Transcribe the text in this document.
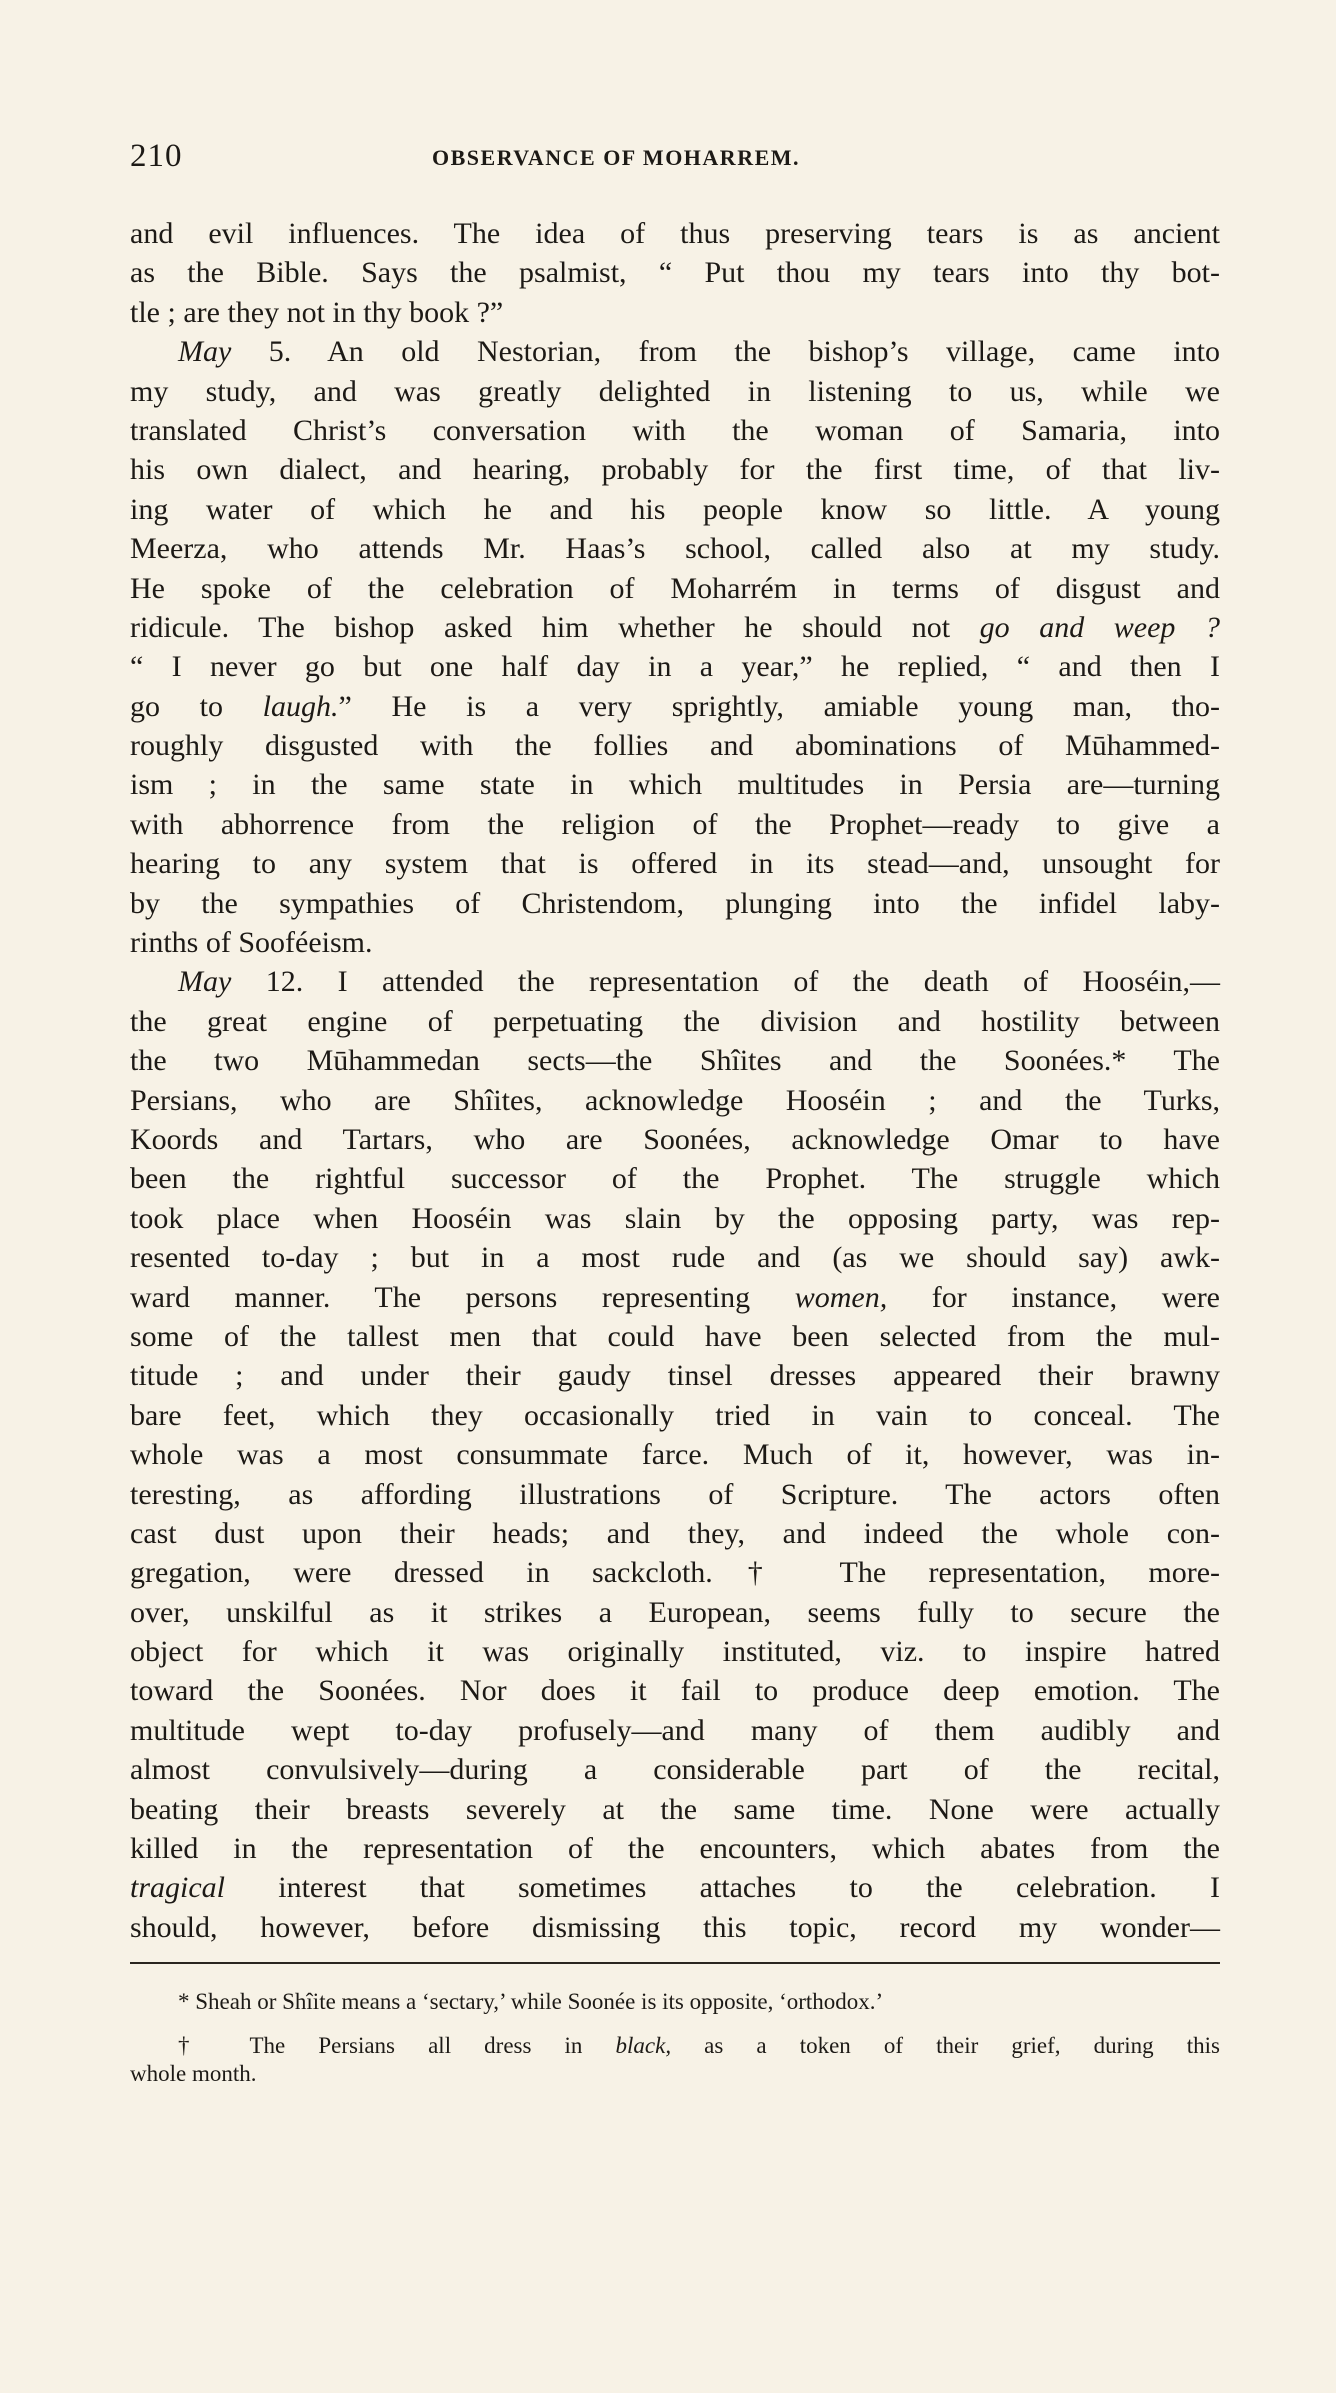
210	OBSERVANCE OF MOHARREM.
and evil influences. The idea of thus preserving tears is as ancient
as the Bible. Says the psalmist, “ Put thou my tears into thy bot-
tle ; are they not in thy book ?”
May 5. An old Nestorian, from the bishop’s village, came into
my study, and was greatly delighted in listening to us, while we
translated Christ’s conversation with the woman of Samaria, into
his own dialect, and hearing, probably for the first time, of that liv-
ing water of which he and his people know so little. A young
Meerza, who attends Mr. Haas’s school, called also at my study.
He spoke of the celebration of Moharrém in terms of disgust and
ridicule. The bishop asked him whether he should not go and weep ?
“ I never go but one half day in a year,” he replied, “ and then I
go to laugh.” He is a very sprightly, amiable young man, tho-
roughly disgusted with the follies and abominations of Mūhammed-
ism ; in the same state in which multitudes in Persia are—turning
with abhorrence from the religion of the Prophet—ready to give a
hearing to any system that is offered in its stead—and, unsought for
by the sympathies of Christendom, plunging into the infidel laby-
rinths of Sooféeism.
May 12. I attended the representation of the death of Hooséin,—
the great engine of perpetuating the division and hostility between
the two Mūhammedan sects—the Shîites and the Soonées.* The
Persians, who are Shîites, acknowledge Hooséin ; and the Turks,
Koords and Tartars, who are Soonées, acknowledge Omar to have
been the rightful successor of the Prophet. The struggle which
took place when Hooséin was slain by the opposing party, was rep-
resented to-day ; but in a most rude and (as we should say) awk-
ward manner. The persons representing women, for instance, were
some of the tallest men that could have been selected from the mul-
titude ; and under their gaudy tinsel dresses appeared their brawny
bare feet, which they occasionally tried in vain to conceal. The
whole was a most consummate farce. Much of it, however, was in-
teresting, as affording illustrations of Scripture. The actors often
cast dust upon their heads; and they, and indeed the whole con-
gregation, were dressed in sackcloth.† The representation, more-
over, unskilful as it strikes a European, seems fully to secure the
object for which it was originally instituted, viz. to inspire hatred
toward the Soonées. Nor does it fail to produce deep emotion. The
multitude wept to-day profusely—and many of them audibly and
almost convulsively—during a considerable part of the recital,
beating their breasts severely at the same time. None were actually
killed in the representation of the encounters, which abates from the
tragical interest that sometimes attaches to the celebration. I
should, however, before dismissing this topic, record my wonder—
* Sheah or Shîite means a ‘sectary,’ while Soonée is its opposite, ‘orthodox.’
† The Persians all dress in black, as a token of their grief, during this
whole month.
